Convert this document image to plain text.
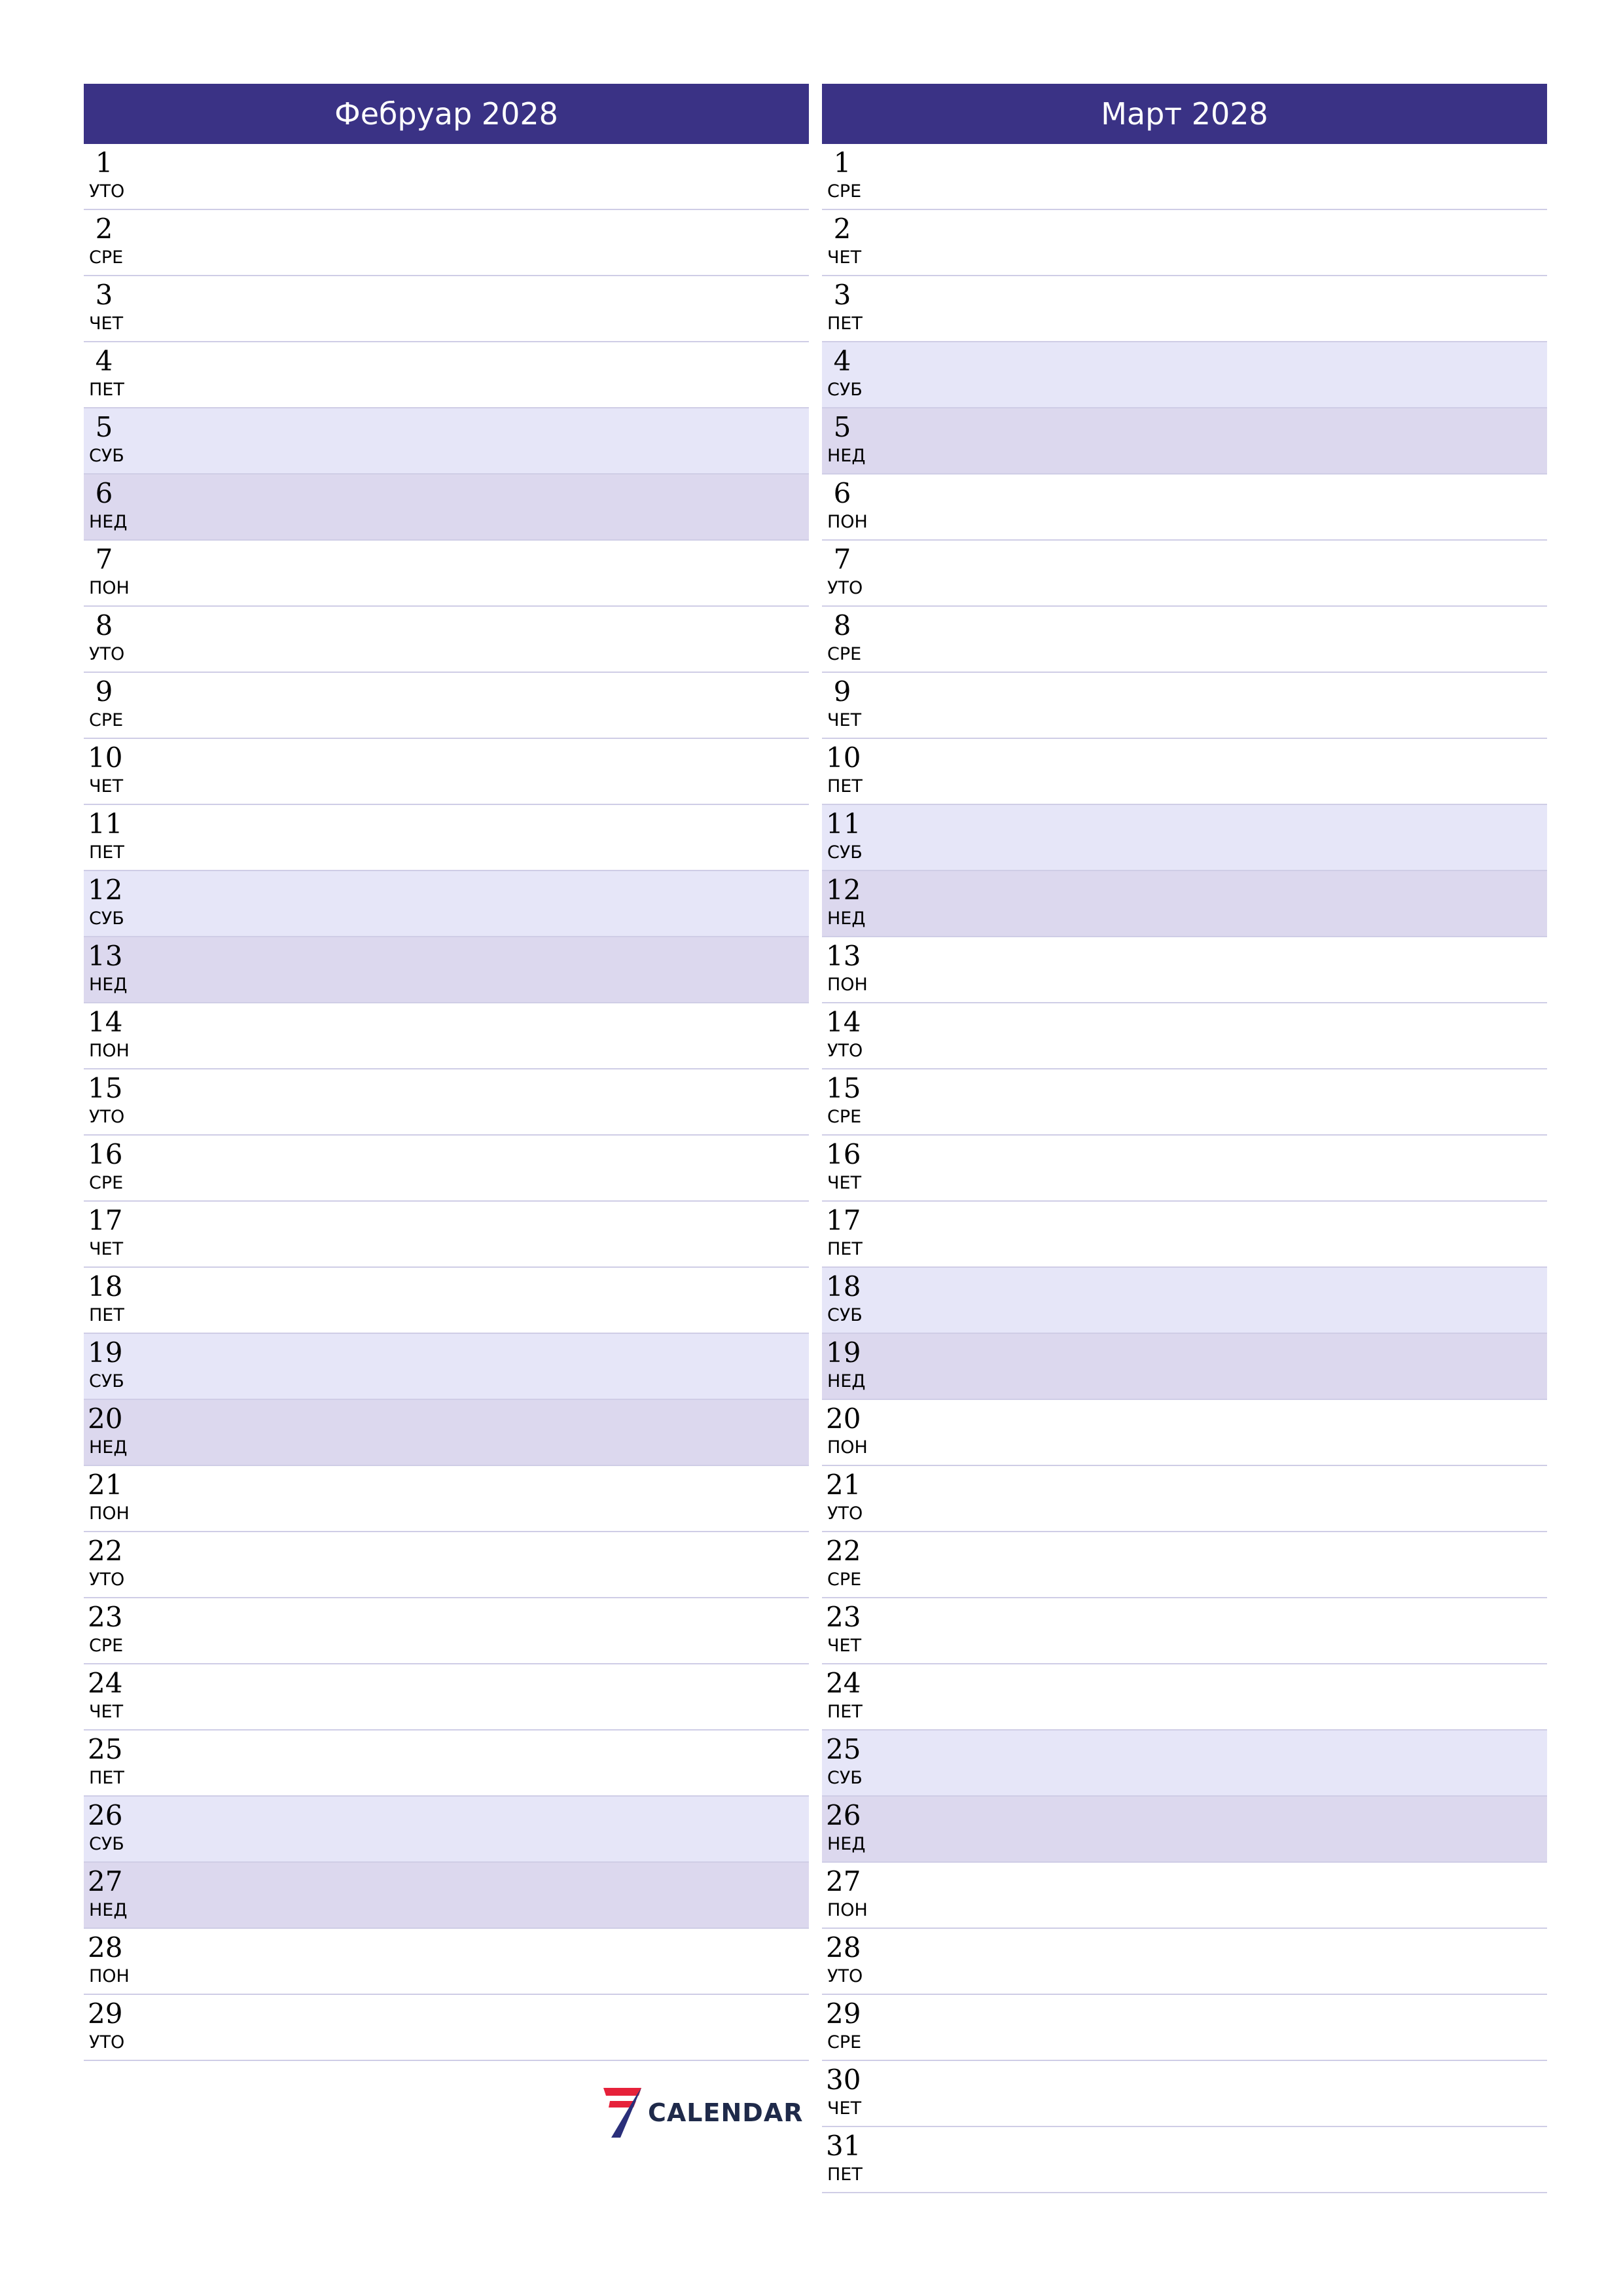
Фебруар 2028
1
УТО
2
СРЕ
3
ЧЕТ
4
ПЕТ
5
СУБ
6
НЕД
7
ПОН
8
УТО
9
СРЕ
10
ЧЕТ
11
ПЕТ
12
СУБ
13
НЕД
14
ПОН
15
УТО
16
СРЕ
17
ЧЕТ
18
ПЕТ
19
СУБ
20
НЕД
21
ПОН
22
УТО
23
СРЕ
24
ЧЕТ
25
ПЕТ
26
СУБ
27
НЕД
28
ПОН
29
УТО
Март 2028
1
СРЕ
2
ЧЕТ
3
ПЕТ
4
СУБ
5
НЕД
6
ПОН
7
УТО
8
СРЕ
9
ЧЕТ
10
ПЕТ
11
СУБ
12
НЕД
13
ПОН
14
УТО
15
СРЕ
16
ЧЕТ
17
ПЕТ
18
СУБ
19
НЕД
20
ПОН
21
УТО
22
СРЕ
23
ЧЕТ
24
ПЕТ
25
СУБ
26
НЕД
27
ПОН
28
УТО
29
СРЕ
30
ЧЕТ
31
ПЕТ
CALENDAR
